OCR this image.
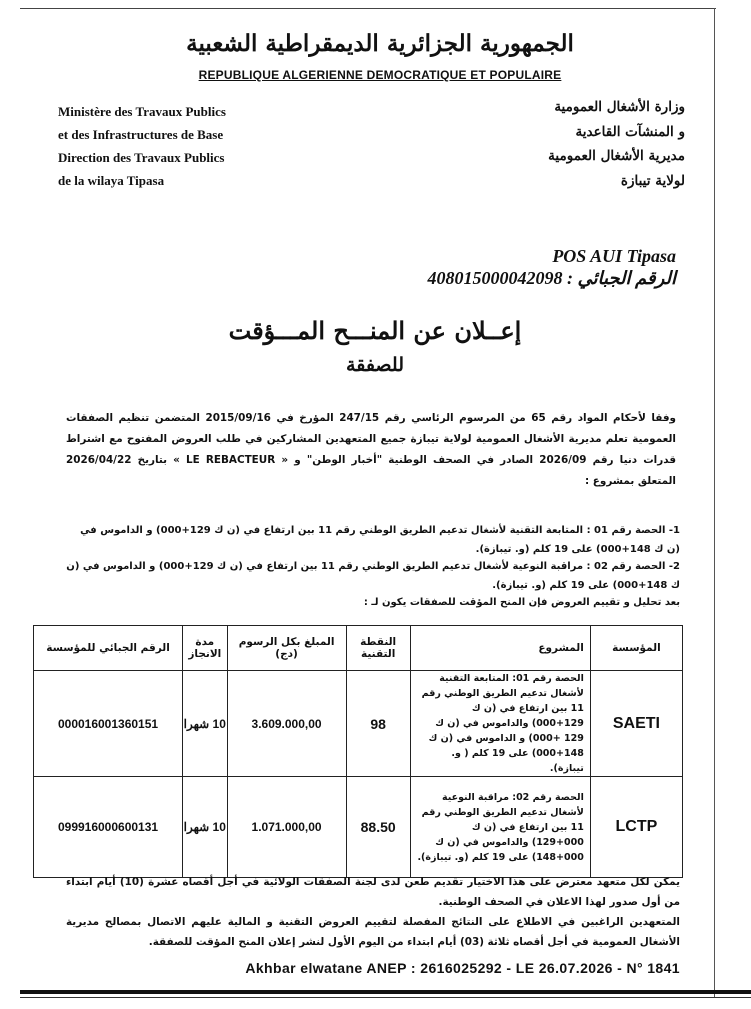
الجمهورية الجزائرية الديمقراطية الشعبية
REPUBLIQUE ALGERIENNE DEMOCRATIQUE ET POPULAIRE
Ministère des Travaux Publics
et des Infrastructures de Base
Direction des Travaux Publics
de la wilaya Tipasa
وزارة الأشغال العمومية
و المنشآت القاعدية
مديرية الأشغال العمومية
لولاية تيبازة
POS AUI Tipasa
الرقم الجبائي : 408015000042098
إعــلان عن المنـــح المـــؤقت
للصفقة
وفقا لأحكام المواد رقم 65 من المرسوم الرئاسي رقم 247/15 المؤرخ في 2015/09/16 المتضمن تنظيم الصفقات العمومية تعلم مديرية الأشغال العمومية لولاية تيبازة جميع المتعهدين المشاركين في طلب العروض المفتوح مع اشتراط قدرات دنيا رقم 2026/09 الصادر في الصحف الوطنية "أخبار الوطن" و « LE REBACTEUR » بتاريخ 2026/04/22 المتعلق بمشروع :
1- الحصة رقم 01 : المتابعة التقنية لأشغال تدعيم الطريق الوطني رقم 11 بين ارتفاع في (ن ك 129+000) و الداموس في (ن ك 148+000) على 19 كلم (و. تيبازة).
2- الحصة رقم 02 : مراقبة النوعية لأشغال تدعيم الطريق الوطني رقم 11 بين ارتفاع في (ن ك 129+000) و الداموس في (ن ك 148+000) على 19 كلم (و. تيبازة).
بعد تحليل و تقييم العروض فإن المنح المؤقت للصفقات يكون لـ :
الرقم الجبائي للمؤسسة	مدة الانجاز	المبلغ بكل الرسوم (دج)	النقطة التقنية	المشروع	المؤسسة
000016001360151	10 شهرا	3.609.000,00	98	الحصة رقم 01: المتابعة التقنية لأشغال تدعيم الطريق الوطني رقم 11 بين ارتفاع في (ن ك 129+000) والداموس في (ن ك 129 +000) و الداموس في (ن ك 148+000) على 19 كلم ( و. تيبازة).	SAETI
099916000600131	10 شهرا	1.071.000,00	88.50	الحصة رقم 02: مراقبة النوعية لأشغال تدعيم الطريق الوطني رقم 11 بين ارتفاع في (ن ك 000+129) والداموس في (ن ك 000+148) على 19 كلم (و. تيبازة).	LCTP
يمكن لكل متعهد معترض على هذا الاختيار تقديم طعن لدى لجنة الصفقات الولائية في أجل أقصاه عشرة (10) أيام ابتداء من أول صدور لهذا الاعلان في الصحف الوطنية.
المتعهدين الراغبين في الاطلاع على النتائج المفصلة لتقييم العروض التقنية و المالية عليهم الاتصال بمصالح مديرية الأشغال العمومية في أجل أقصاه ثلاثة (03) أيام ابتداء من اليوم الأول لنشر إعلان المنح المؤقت للصفقة.
Akhbar elwatane ANEP : 2616025292 - LE 26.07.2026 - N° 1841
